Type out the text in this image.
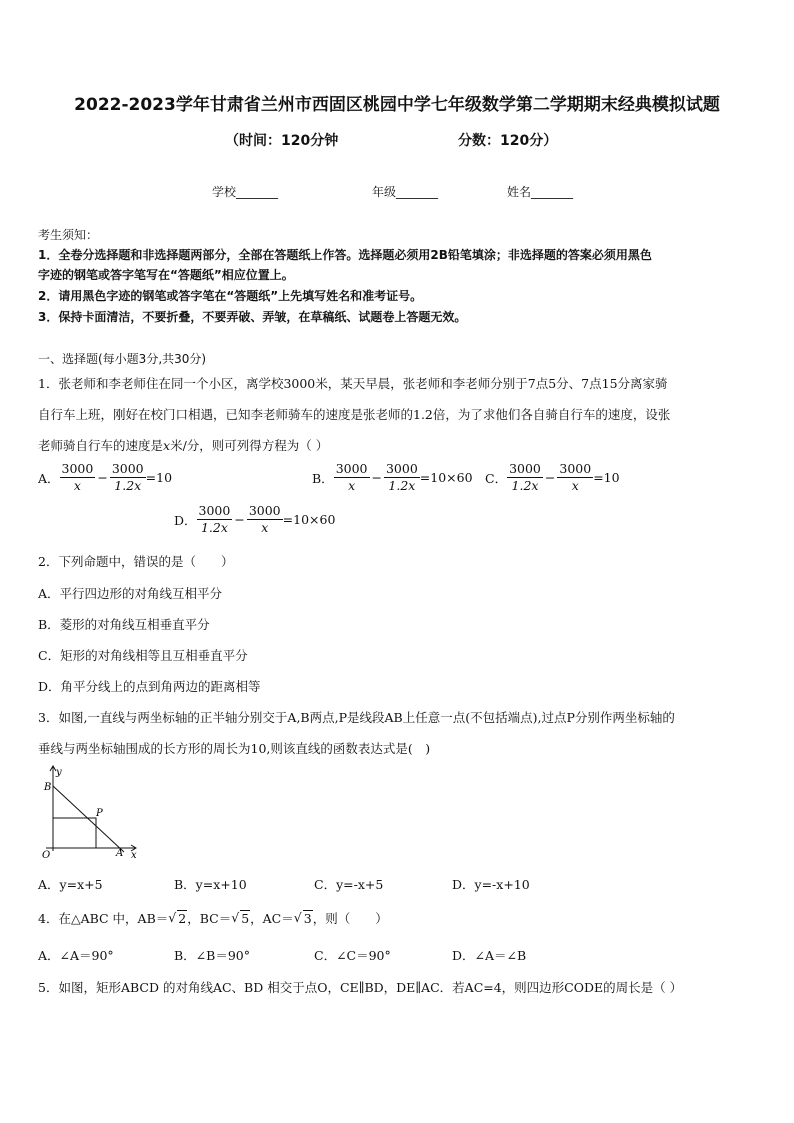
2022-2023学年甘肃省兰州市西固区桃园中学七年级数学第二学期期末经典模拟试题
（时间：120分钟	分数：120分）
学校_______	年级_______	姓名_______
考生须知：
1．全卷分选择题和非选择题两部分，全部在答题纸上作答。选择题必须用2B铅笔填涂；非选择题的答案必须用黑色
字迹的钢笔或答字笔写在“答题纸”相应位置上。
2．请用黑色字迹的钢笔或答字笔在“答题纸”上先填写姓名和准考证号。
3．保持卡面清洁，不要折叠，不要弄破、弄皱，在草稿纸、试题卷上答题无效。
一、选择题(每小题3分,共30分)
1．张老师和李老师住在同一个小区，离学校3000米，某天早晨，张老师和李老师分别于7点5分、7点15分离家骑
自行车上班，刚好在校门口相遇，已知李老师骑车的速度是张老师的1.2倍，为了求他们各自骑自行车的速度，设张
老师骑自行车的速度是x米/分，则可列得方程为（ ）
A． $\frac{3000}{x} - \frac{3000}{1.2x} =10$	B． $\frac{3000}{x} - \frac{3000}{1.2x} =10\times 60$ C． $\frac{3000}{1.2x} - \frac{3000}{x} =10$
D． $\frac{3000}{1.2x} - \frac{3000}{x} =10\times 60$
2．下列命题中，错误的是（　　）
A．平行四边形的对角线互相平分
B．菱形的对角线互相垂直平分
C．矩形的对角线相等且互相垂直平分
D．角平分线上的点到角两边的距离相等
3．如图,一直线与两坐标轴的正半轴分别交于A,B两点,P是线段AB上任意一点(不包括端点),过点P分别作两坐标轴的
垂线与两坐标轴围成的长方形的周长为10,则该直线的函数表达式是(　)
y
B
P
O	A x
A．y=x+5	B．y=x+10	C．y=-x+5	D．y=-x+10
4．在△ABC 中，AB＝ √ 2，BC＝ √ 5，AC＝ √ 3，则（　　）
A．∠A＝90°	B．∠B＝90°	C．∠C＝90°	D．∠A＝∠B
5．如图，矩形ABCD 的对角线AC、BD 相交于点O，CE∥BD，DE∥AC．若AC=4，则四边形CODE的周长是（ ）
